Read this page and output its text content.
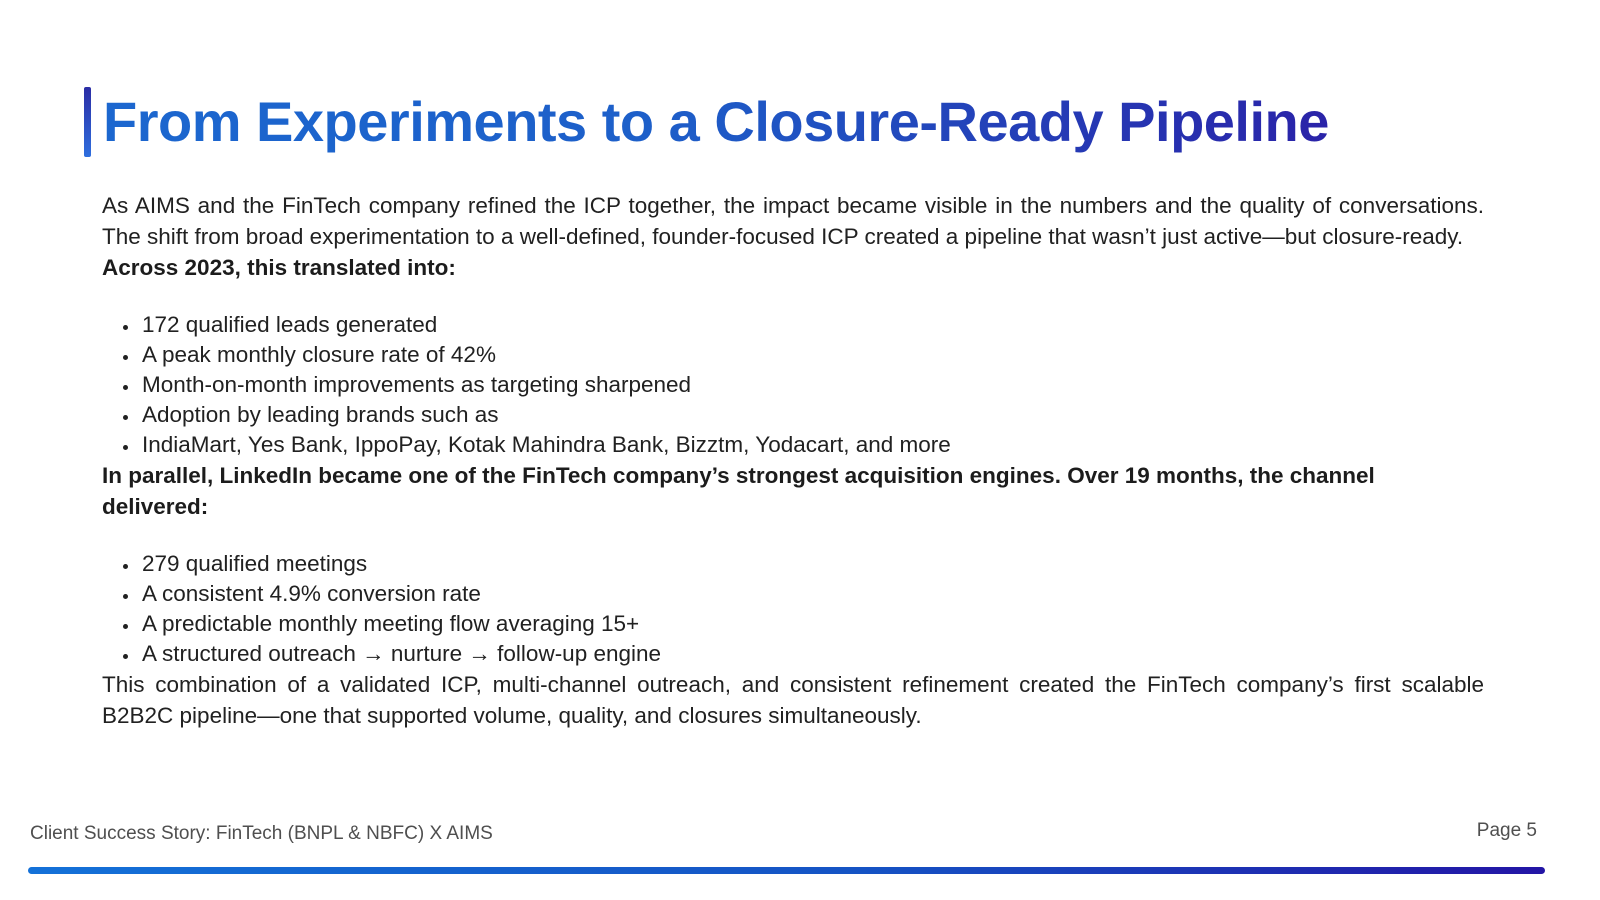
From Experiments to a Closure-Ready Pipeline

As AIMS and the FinTech company refined the ICP together, the impact became visible in the numbers and the quality of conversations. The shift from broad experimentation to a well-defined, founder-focused ICP created a pipeline that wasn’t just active—but closure-ready.

Across 2023, this translated into:

• 172 qualified leads generated
• A peak monthly closure rate of 42%
• Month-on-month improvements as targeting sharpened
• Adoption by leading brands such as
• IndiaMart, Yes Bank, IppoPay, Kotak Mahindra Bank, Bizztm, Yodacart, and more

In parallel, LinkedIn became one of the FinTech company’s strongest acquisition engines. Over 19 months, the channel delivered:

• 279 qualified meetings
• A consistent 4.9% conversion rate
• A predictable monthly meeting flow averaging 15+
• A structured outreach → nurture → follow-up engine

This combination of a validated ICP, multi-channel outreach, and consistent refinement created the FinTech company’s first scalable B2B2C pipeline—one that supported volume, quality, and closures simultaneously.

Client Success Story: FinTech (BNPL & NBFC) X AIMS	Page 5
